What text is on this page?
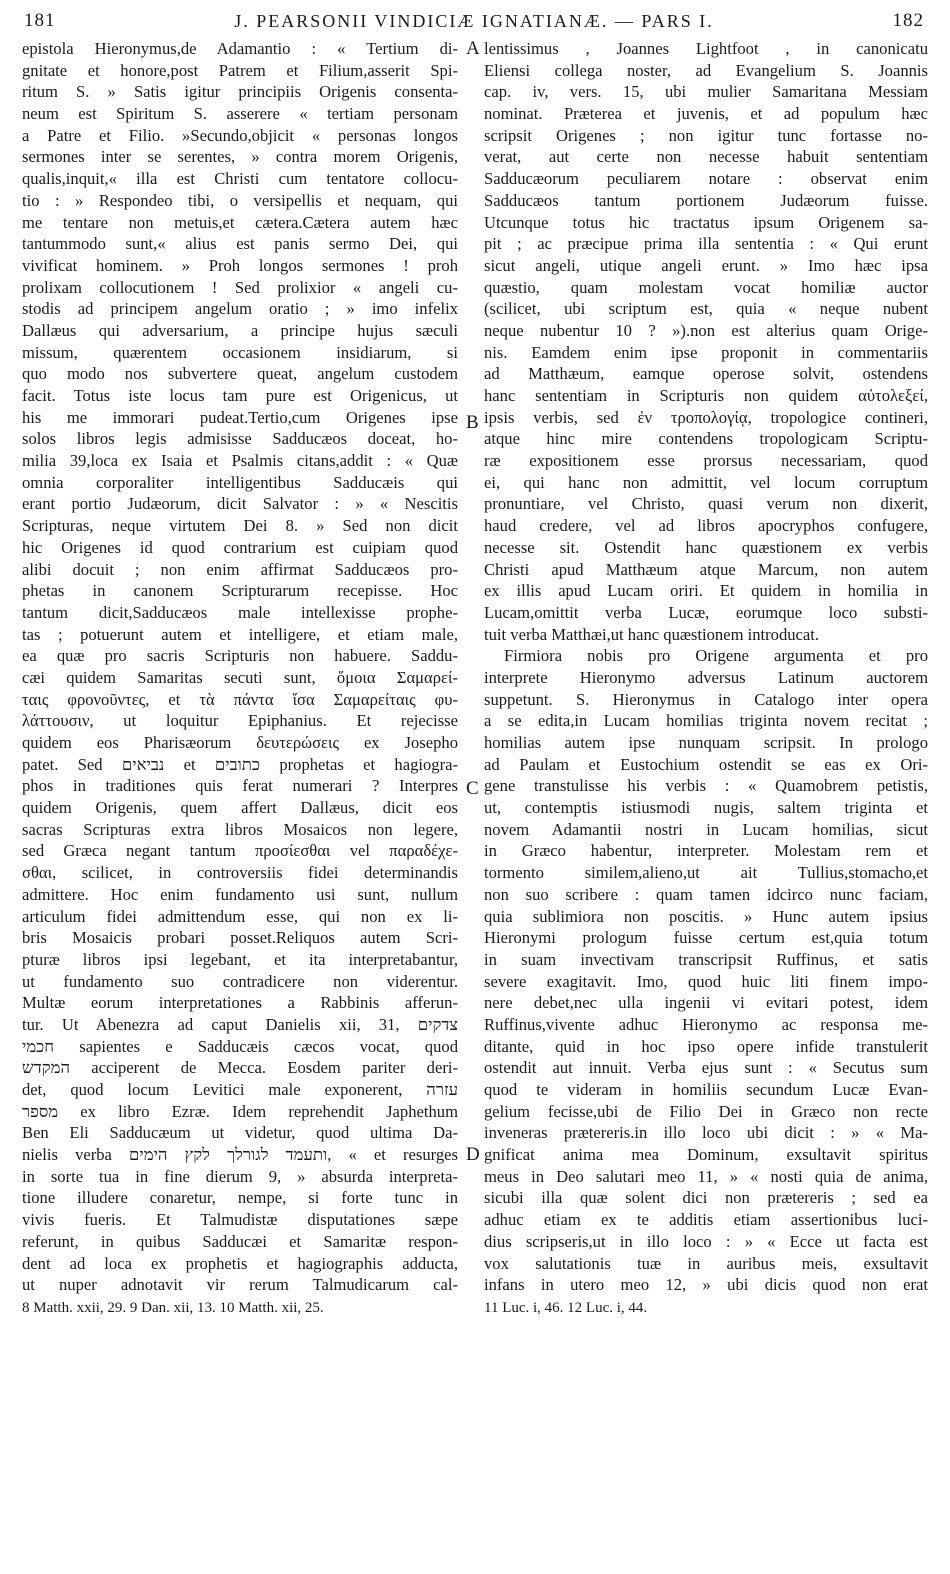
181	J. PEARSONII VINDICIÆ IGNATIANÆ. — PARS I.	182
A
B
C
D
epistola Hieronymus,de Adamantio : « Tertium di-
gnitate et honore,post Patrem et Filium,asserit Spi-
ritum S. » Satis igitur principiis Origenis consenta-
neum est Spiritum S. asserere « tertiam personam
a Patre et Filio. »Secundo,objicit « personas longos
sermones inter se serentes, » contra morem Origenis,
qualis,inquit,« illa est Christi cum tentatore collocu-
tio : » Respondeo tibi, o versipellis et nequam, qui
me tentare non metuis,et cætera.Cætera autem hæc
tantummodo sunt,« alius est panis sermo Dei, qui
vivificat hominem. » Proh longos sermones ! proh
prolixam collocutionem ! Sed prolixior « angeli cu-
stodis ad principem angelum oratio ; » imo infelix
Dallæus qui adversarium, a principe hujus sæculi
missum, quærentem occasionem insidiarum, si
quo modo nos subvertere queat, angelum custodem
facit. Totus iste locus tam pure est Origenicus, ut
his me immorari pudeat.Tertio,cum Origenes ipse
solos libros legis admisisse Sadducæos doceat, ho-
milia 39,loca ex Isaia et Psalmis citans,addit : « Quæ
omnia corporaliter intelligentibus Sadducæis qui
erant portio Judæorum, dicit Salvator : » « Nescitis
Scripturas, neque virtutem Dei 8. » Sed non dicit
hic Origenes id quod contrarium est cuipiam quod
alibi docuit ; non enim affirmat Sadducæos pro-
phetas in canonem Scripturarum recepisse. Hoc
tantum dicit,Sadducæos male intellexisse prophe-
tas ; potuerunt autem et intelligere, et etiam male,
ea quæ pro sacris Scripturis non habuere. Saddu-
cæi quidem Samaritas secuti sunt, ὅμοια Σαμαρεί-
ταις φρονοῦντες, et τὰ πάντα ἴσα Σαμαρείταις φυ-
λάττουσιν, ut loquitur Epiphanius. Et rejecisse
quidem eos Pharisæorum δευτερώσεις ex Josepho
patet. Sed נביאים et כתובים prophetas et hagiogra-
phos in traditiones quis ferat numerari ? Interpres
quidem Origenis, quem affert Dallæus, dicit eos
sacras Scripturas extra libros Mosaicos non legere,
sed Græca negant tantum προσίεσθαι vel παραδέχε-
σθαι, scilicet, in controversiis fidei determinandis
admittere. Hoc enim fundamento usi sunt, nullum
articulum fidei admittendum esse, qui non ex li-
bris Mosaicis probari posset.Reliquos autem Scri-
pturæ libros ipsi legebant, et ita interpretabantur,
ut fundamento suo contradicere non viderentur.
Multæ eorum interpretationes a Rabbinis afferun-
tur. Ut Abenezra ad caput Danielis xii, 31, צדקים
חכמי sapientes e Sadducæis cæcos vocat, quod
המקדש acciperent de Mecca. Eosdem pariter deri-
det, quod locum Levitici male exponerent, עזרה
מספר ex libro Ezræ. Idem reprehendit Japhethum
Ben Eli Sadducæum ut videtur, quod ultima Da-
nielis verba ותעמד לגורלך לקץ הימים, « et resurges
in sorte tua in fine dierum 9, » absurda interpreta-
tione illudere conaretur, nempe, si forte tunc in
vivis fueris. Et Talmudistæ disputationes sæpe
referunt, in quibus Sadducæi et Samaritæ respon-
dent ad loca ex prophetis et hagiographis adducta,
ut nuper adnotavit vir rerum Talmudicarum cal-
8 Matth. xxii, 29. 9 Dan. xii, 13. 10 Matth. xii, 25.
lentissimus , Joannes Lightfoot , in canonicatu
Eliensi collega noster, ad Evangelium S. Joannis
cap. iv, vers. 15, ubi mulier Samaritana Messiam
nominat. Præterea et juvenis, et ad populum hæc
scripsit Origenes ; non igitur tunc fortasse no-
verat, aut certe non necesse habuit sententiam
Sadducæorum peculiarem notare : observat enim
Sadducæos tantum portionem Judæorum fuisse.
Utcunque totus hic tractatus ipsum Origenem sa-
pit ; ac præcipue prima illa sententia : « Qui erunt
sicut angeli, utique angeli erunt. » Imo hæc ipsa
quæstio, quam molestam vocat homiliæ auctor
(scilicet, ubi scriptum est, quia « neque nubent
neque nubentur 10 ? »).non est alterius quam Orige-
nis. Eamdem enim ipse proponit in commentariis
ad Matthæum, eamque operose solvit, ostendens
hanc sententiam in Scripturis non quidem αὐτολεξεί,
ipsis verbis, sed ἐν τροπολογίᾳ, tropologice contineri,
atque hinc mire contendens tropologicam Scriptu-
ræ expositionem esse prorsus necessariam, quod
ei, qui hanc non admittit, vel locum corruptum
pronuntiare, vel Christo, quasi verum non dixerit,
haud credere, vel ad libros apocryphos confugere,
necesse sit. Ostendit hanc quæstionem ex verbis
Christi apud Matthæum atque Marcum, non autem
ex illis apud Lucam oriri. Et quidem in homilia in
Lucam,omittit verba Lucæ, eorumque loco substi-
tuit verba Matthæi,ut hanc quæstionem introducat.
Firmiora nobis pro Origene argumenta et pro
interprete Hieronymo adversus Latinum auctorem
suppetunt. S. Hieronymus in Catalogo inter opera
a se edita,in Lucam homilias triginta novem recitat ;
homilias autem ipse nunquam scripsit. In prologo
ad Paulam et Eustochium ostendit se eas ex Ori-
gene transtulisse his verbis : « Quamobrem petistis,
ut, contemptis istiusmodi nugis, saltem triginta et
novem Adamantii nostri in Lucam homilias, sicut
in Græco habentur, interpreter. Molestam rem et
tormento similem,alieno,ut ait Tullius,stomacho,et
non suo scribere : quam tamen idcirco nunc faciam,
quia sublimiora non poscitis. » Hunc autem ipsius
Hieronymi prologum fuisse certum est,quia totum
in suam invectivam transcripsit Ruffinus, et satis
severe exagitavit. Imo, quod huic liti finem impo-
nere debet,nec ulla ingenii vi evitari potest, idem
Ruffinus,vivente adhuc Hieronymo ac responsa me-
ditante, quid in hoc ipso opere infide transtulerit
ostendit aut innuit. Verba ejus sunt : « Secutus sum
quod te videram in homiliis secundum Lucæ Evan-
gelium fecisse,ubi de Filio Dei in Græco non recte
inveneras prætereris.in illo loco ubi dicit : » « Ma-
gnificat anima mea Dominum, exsultavit spiritus
meus in Deo salutari meo 11, » « nosti quia de anima,
sicubi illa quæ solent dici non prætereris ; sed ea
adhuc etiam ex te additis etiam assertionibus luci-
dius scripseris,ut in illo loco : » « Ecce ut facta est
vox salutationis tuæ in auribus meis, exsultavit
infans in utero meo 12, » ubi dicis quod non erat
11 Luc. i, 46. 12 Luc. i, 44.
